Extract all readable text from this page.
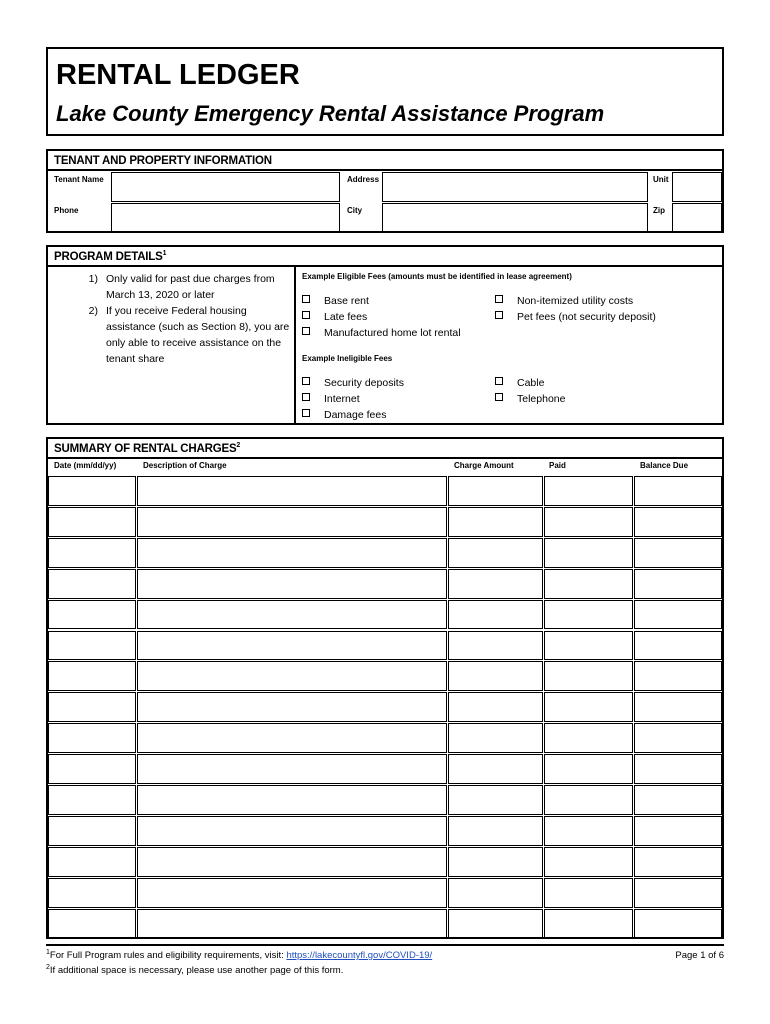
RENTAL LEDGER
Lake County Emergency Rental Assistance Program
TENANT AND PROPERTY INFORMATION
Tenant Name	Address	Unit
Phone	City	Zip
PROGRAM DETAILS$^1$
1) Only valid for past due charges from March 13, 2020 or later
2) If you receive Federal housing assistance (such as Section 8), you are only able to receive assistance on the tenant share
Example Eligible Fees (amounts must be identified in lease agreement)
Base rent
Late fees
Manufactured home lot rental
Non-itemized utility costs
Pet fees (not security deposit)
Example Ineligible Fees
Security deposits
Internet
Damage fees
Cable
Telephone
SUMMARY OF RENTAL CHARGES$^2$
Date (mm/dd/yy)	Description of Charge	Charge Amount	Paid	Balance Due
$^1$For Full Program rules and eligibility requirements, visit: https://lakecountyfl.gov/COVID-19/
$^2$If additional space is necessary, please use another page of this form.
Page 1 of 6
